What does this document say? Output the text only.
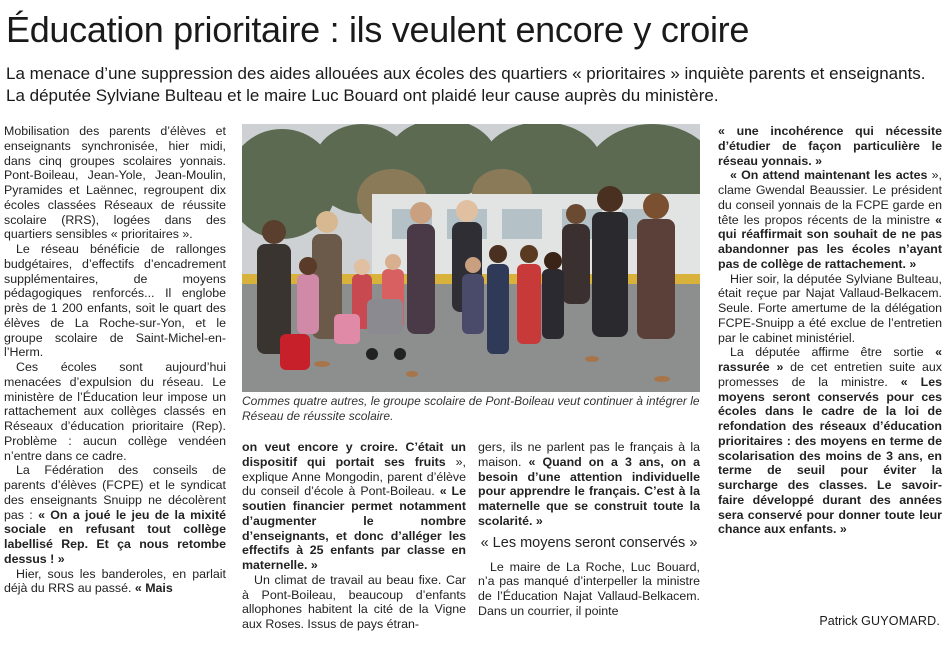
Éducation prioritaire : ils veulent encore y croire

La menace d’une suppression des aides allouées aux écoles des quartiers « prioritaires » inquiète parents et enseignants. La députée Sylviane Bulteau et le maire Luc Bouard ont plaidé leur cause auprès du ministère.

Mobilisation des parents d’élèves et enseignants synchronisée, hier midi, dans cinq groupes scolaires yonnais. Pont-Boileau, Jean-Yole, Jean-Moulin, Pyramides et Laënnec, regroupent dix écoles classées Réseaux de réussite scolaire (RRS), logées dans des quartiers sensibles « prioritaires ».

Le réseau bénéficie de rallonges budgétaires, d’effectifs d’encadrement supplémentaires, de moyens pédagogiques renforcés... Il englobe près de 1 200 enfants, soit le quart des élèves de La Roche-sur-Yon, et le groupe scolaire de Saint-Michel-en-l’Herm.

Ces écoles sont aujourd’hui menacées d’expulsion du réseau. Le ministère de l’Éducation leur impose un rattachement aux collèges classés en Réseaux d’éducation prioritaire (Rep). Problème : aucun collège vendéen n’entre dans ce cadre.

La Fédération des conseils de parents d’élèves (FCPE) et le syndicat des enseignants Snuipp ne décolèrent pas : « On a joué le jeu de la mixité sociale en refusant tout collège labellisé Rep. Et ça nous retombe dessus ! »

Hier, sous les banderoles, en parlait déjà du RRS au passé. « Mais

Commes quatre autres, le groupe scolaire de Pont-Boileau veut continuer à intégrer le Réseau de réussite scolaire.

on veut encore y croire. C’était un dispositif qui portait ses fruits », explique Anne Mongodin, parent d’élève du conseil d’école à Pont-Boileau. « Le soutien financier permet notamment d’augmenter le nombre d’enseignants, et donc d’alléger les effectifs à 25 enfants par classe en maternelle. »

Un climat de travail au beau fixe. Car à Pont-Boileau, beaucoup d’enfants allophones habitent la cité de la Vigne aux Roses. Issus de pays étran-

gers, ils ne parlent pas le français à la maison. « Quand on a 3 ans, on a besoin d’une attention individuelle pour apprendre le français. C’est à la maternelle que se construit toute la scolarité. »

« Les moyens seront conservés »

Le maire de La Roche, Luc Bouard, n’a pas manqué d’interpeller la ministre de l’Éducation Najat Vallaud-Belkacem. Dans un courrier, il pointe

« une incohérence qui nécessite d’étudier de façon particulière le réseau yonnais. »

« On attend maintenant les actes », clame Gwendal Beaussier. Le président du conseil yonnais de la FCPE garde en tête les propos récents de la ministre « qui réaffirmait son souhait de ne pas abandonner pas les écoles n’ayant pas de collège de rattachement. »

Hier soir, la députée Sylviane Bulteau, était reçue par Najat Vallaud-Belkacem. Seule. Forte amertume de la délégation FCPE-Snuipp a été exclue de l’entretien par le cabinet ministériel.

La députée affirme être sortie « rassurée » de cet entretien suite aux promesses de la ministre. « Les moyens seront conservés pour ces écoles dans le cadre de la loi de refondation des réseaux d’éducation prioritaires : des moyens en terme de scolarisation des moins de 3 ans, en terme de seuil pour éviter la surcharge des classes. Le savoir-faire développé durant des années sera conservé pour donner toute leur chance aux enfants. »

Patrick GUYOMARD.
